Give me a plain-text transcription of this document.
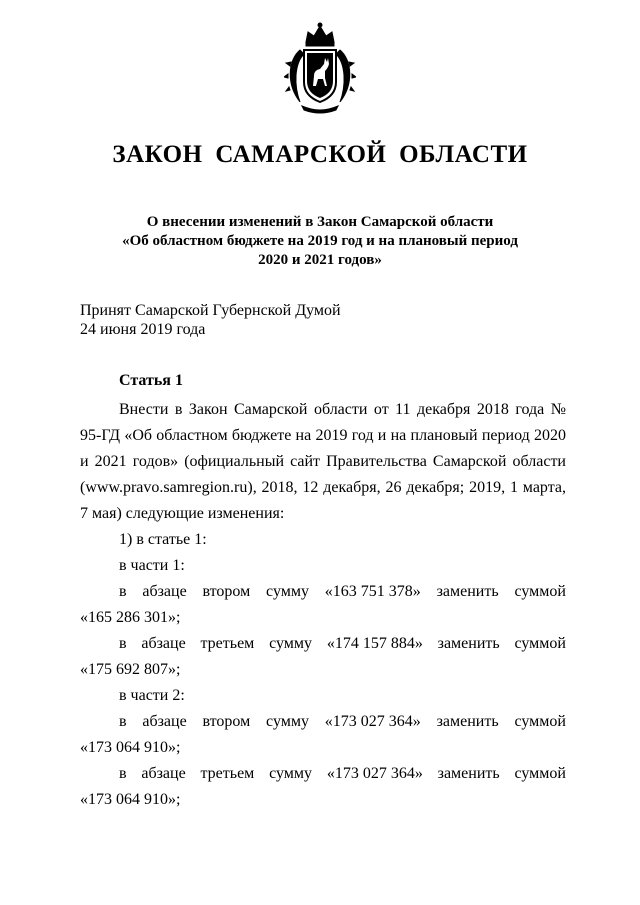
ЗАКОН САМАРСКОЙ ОБЛАСТИ
О внесении изменений в Закон Самарской области
«Об областном бюджете на 2019 год и на плановый период
2020 и 2021 годов»
Принят Самарской Губернской Думой
24 июня 2019 года
Статья 1

Внести в Закон Самарской области от 11 декабря 2018 года № 95-ГД «Об областном бюджете на 2019 год и на плановый период 2020 и 2021 годов» (официальный сайт Правительства Самарской области (www.pravo.samregion.ru), 2018, 12 декабря, 26 декабря; 2019, 1 марта, 7 мая) следующие изменения:

1) в статье 1:

в части 1:

в абзаце втором сумму «163 751 378» заменить суммой
«165 286 301»;
в абзаце третьем сумму «174 157 884» заменить суммой
«175 692 807»;

в части 2:

в абзаце втором сумму «173 027 364» заменить суммой
«173 064 910»;
в абзаце третьем сумму «173 027 364» заменить суммой
«173 064 910»;
